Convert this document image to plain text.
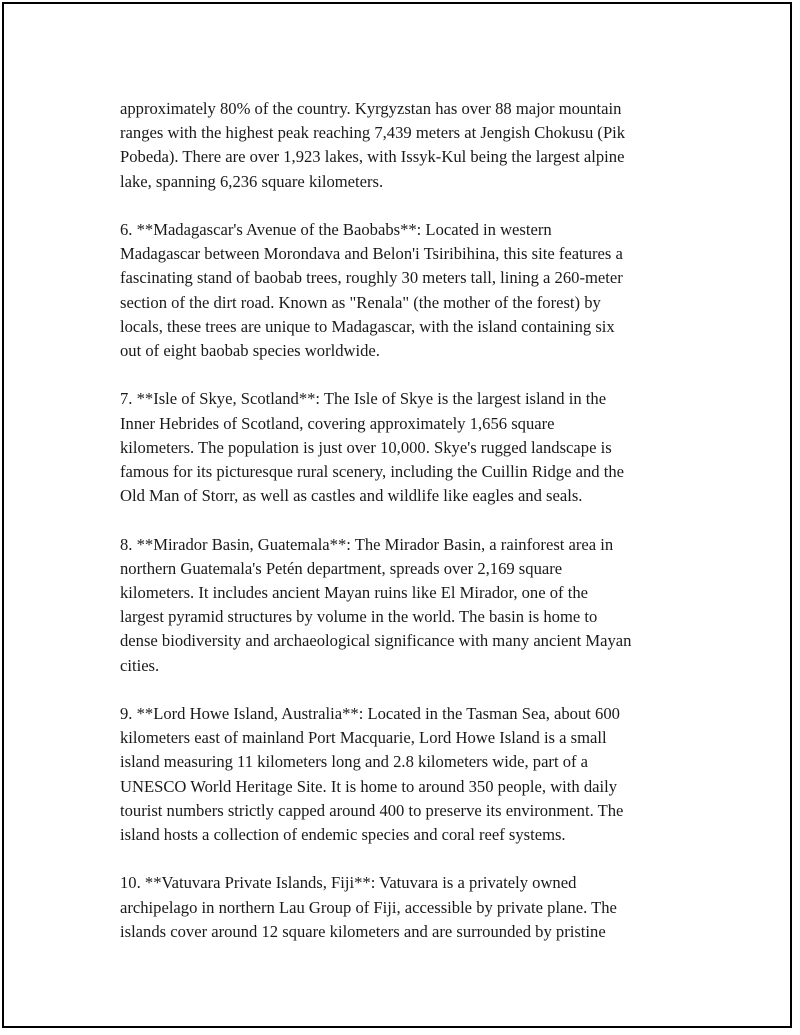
approximately 80% of the country. Kyrgyzstan has over 88 major mountain
ranges with the highest peak reaching 7,439 meters at Jengish Chokusu (Pik
Pobeda). There are over 1,923 lakes, with Issyk-Kul being the largest alpine
lake, spanning 6,236 square kilometers.

6. **Madagascar's Avenue of the Baobabs**: Located in western
Madagascar between Morondava and Belon'i Tsiribihina, this site features a
fascinating stand of baobab trees, roughly 30 meters tall, lining a 260-meter
section of the dirt road. Known as "Renala" (the mother of the forest) by
locals, these trees are unique to Madagascar, with the island containing six
out of eight baobab species worldwide.

7. **Isle of Skye, Scotland**: The Isle of Skye is the largest island in the
Inner Hebrides of Scotland, covering approximately 1,656 square
kilometers. The population is just over 10,000. Skye's rugged landscape is
famous for its picturesque rural scenery, including the Cuillin Ridge and the
Old Man of Storr, as well as castles and wildlife like eagles and seals.

8. **Mirador Basin, Guatemala**: The Mirador Basin, a rainforest area in
northern Guatemala's Petén department, spreads over 2,169 square
kilometers. It includes ancient Mayan ruins like El Mirador, one of the
largest pyramid structures by volume in the world. The basin is home to
dense biodiversity and archaeological significance with many ancient Mayan
cities.

9. **Lord Howe Island, Australia**: Located in the Tasman Sea, about 600
kilometers east of mainland Port Macquarie, Lord Howe Island is a small
island measuring 11 kilometers long and 2.8 kilometers wide, part of a
UNESCO World Heritage Site. It is home to around 350 people, with daily
tourist numbers strictly capped around 400 to preserve its environment. The
island hosts a collection of endemic species and coral reef systems.

10. **Vatuvara Private Islands, Fiji**: Vatuvara is a privately owned
archipelago in northern Lau Group of Fiji, accessible by private plane. The
islands cover around 12 square kilometers and are surrounded by pristine
